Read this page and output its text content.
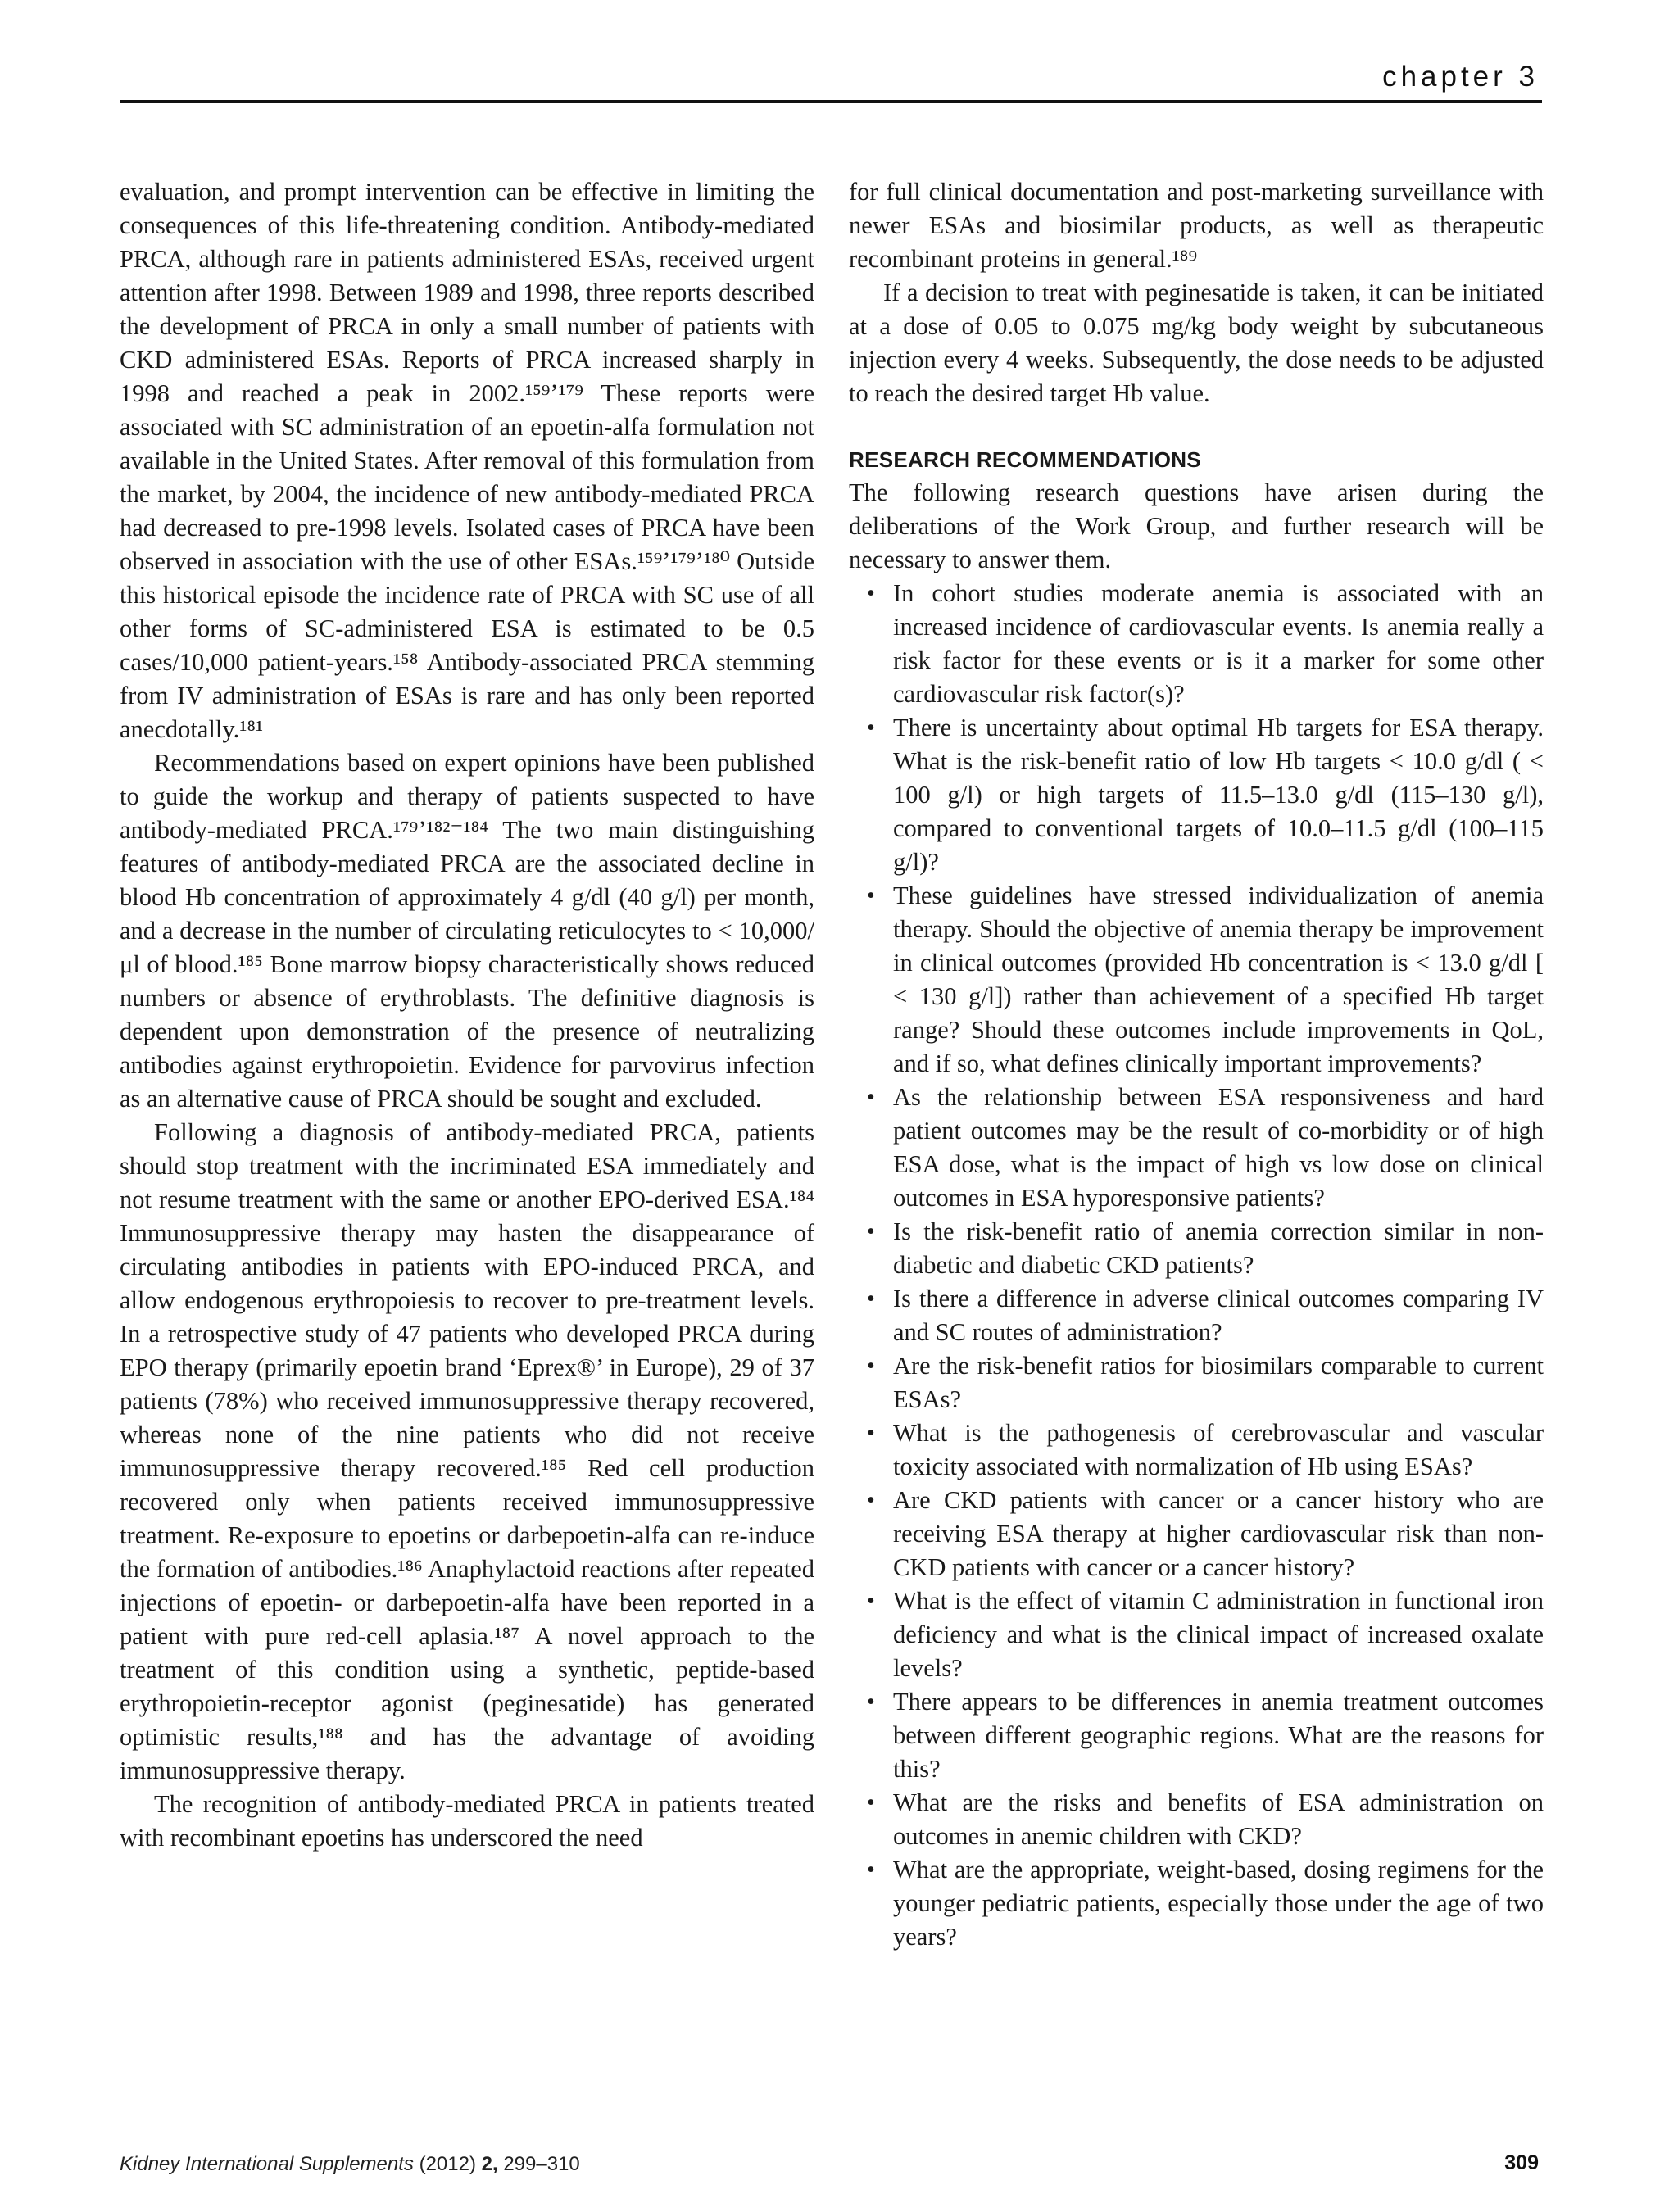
chapter 3

evaluation, and prompt intervention can be effective in limiting the consequences of this life-threatening condition. Antibody-mediated PRCA, although rare in patients administered ESAs, received urgent attention after 1998. Between 1989 and 1998, three reports described the development of PRCA in only a small number of patients with CKD administered ESAs. Reports of PRCA increased sharply in 1998 and reached a peak in 2002.¹⁵⁹ʼ¹⁷⁹ These reports were associated with SC administration of an epoetin-alfa formulation not available in the United States. After removal of this formulation from the market, by 2004, the incidence of new antibody-mediated PRCA had decreased to pre-1998 levels. Isolated cases of PRCA have been observed in association with the use of other ESAs.¹⁵⁹ʼ¹⁷⁹ʼ¹⁸⁰ Outside this historical episode the incidence rate of PRCA with SC use of all other forms of SC-administered ESA is estimated to be 0.5 cases/10,000 patient-years.¹⁵⁸ Antibody-associated PRCA stemming from IV administration of ESAs is rare and has only been reported anecdotally.¹⁸¹

Recommendations based on expert opinions have been published to guide the workup and therapy of patients suspected to have antibody-mediated PRCA.¹⁷⁹ʼ¹⁸²⁻¹⁸⁴ The two main distinguishing features of antibody-mediated PRCA are the associated decline in blood Hb concentration of approximately 4 g/dl (40 g/l) per month, and a decrease in the number of circulating reticulocytes to < 10,000/μl of blood.¹⁸⁵ Bone marrow biopsy characteristically shows reduced numbers or absence of erythroblasts. The definitive diagnosis is dependent upon demonstration of the presence of neutralizing antibodies against erythropoietin. Evidence for parvovirus infection as an alternative cause of PRCA should be sought and excluded.

Following a diagnosis of antibody-mediated PRCA, patients should stop treatment with the incriminated ESA immediately and not resume treatment with the same or another EPO-derived ESA.¹⁸⁴ Immunosuppressive therapy may hasten the disappearance of circulating antibodies in patients with EPO-induced PRCA, and allow endogenous erythropoiesis to recover to pre-treatment levels. In a retrospective study of 47 patients who developed PRCA during EPO therapy (primarily epoetin brand ‘Eprex®’ in Europe), 29 of 37 patients (78%) who received immunosuppressive therapy recovered, whereas none of the nine patients who did not receive immunosuppressive therapy recovered.¹⁸⁵ Red cell production recovered only when patients received immunosuppressive treatment. Re-exposure to epoetins or darbepoetin-alfa can re-induce the formation of antibodies.¹⁸⁶ Anaphylactoid reactions after repeated injections of epoetin- or darbepoetin-alfa have been reported in a patient with pure red-cell aplasia.¹⁸⁷ A novel approach to the treatment of this condition using a synthetic, peptide-based erythropoietin-receptor agonist (peginesatide) has generated optimistic results,¹⁸⁸ and has the advantage of avoiding immunosuppressive therapy.

The recognition of antibody-mediated PRCA in patients treated with recombinant epoetins has underscored the need

for full clinical documentation and post-marketing surveillance with newer ESAs and biosimilar products, as well as therapeutic recombinant proteins in general.¹⁸⁹

If a decision to treat with peginesatide is taken, it can be initiated at a dose of 0.05 to 0.075 mg/kg body weight by subcutaneous injection every 4 weeks. Subsequently, the dose needs to be adjusted to reach the desired target Hb value.

RESEARCH RECOMMENDATIONS

The following research questions have arisen during the deliberations of the Work Group, and further research will be necessary to answer them.

• In cohort studies moderate anemia is associated with an increased incidence of cardiovascular events. Is anemia really a risk factor for these events or is it a marker for some other cardiovascular risk factor(s)?
• There is uncertainty about optimal Hb targets for ESA therapy. What is the risk-benefit ratio of low Hb targets < 10.0 g/dl ( < 100 g/l) or high targets of 11.5–13.0 g/dl (115–130 g/l), compared to conventional targets of 10.0–11.5 g/dl (100–115 g/l)?
• These guidelines have stressed individualization of anemia therapy. Should the objective of anemia therapy be improvement in clinical outcomes (provided Hb concentration is < 13.0 g/dl [ < 130 g/l]) rather than achievement of a specified Hb target range? Should these outcomes include improvements in QoL, and if so, what defines clinically important improvements?
• As the relationship between ESA responsiveness and hard patient outcomes may be the result of co-morbidity or of high ESA dose, what is the impact of high vs low dose on clinical outcomes in ESA hyporesponsive patients?
• Is the risk-benefit ratio of anemia correction similar in non-diabetic and diabetic CKD patients?
• Is there a difference in adverse clinical outcomes comparing IV and SC routes of administration?
• Are the risk-benefit ratios for biosimilars comparable to current ESAs?
• What is the pathogenesis of cerebrovascular and vascular toxicity associated with normalization of Hb using ESAs?
• Are CKD patients with cancer or a cancer history who are receiving ESA therapy at higher cardiovascular risk than non-CKD patients with cancer or a cancer history?
• What is the effect of vitamin C administration in functional iron deficiency and what is the clinical impact of increased oxalate levels?
• There appears to be differences in anemia treatment outcomes between different geographic regions. What are the reasons for this?
• What are the risks and benefits of ESA administration on outcomes in anemic children with CKD?
• What are the appropriate, weight-based, dosing regimens for the younger pediatric patients, especially those under the age of two years?
Kidney International Supplements (2012) 2, 299–310	309
